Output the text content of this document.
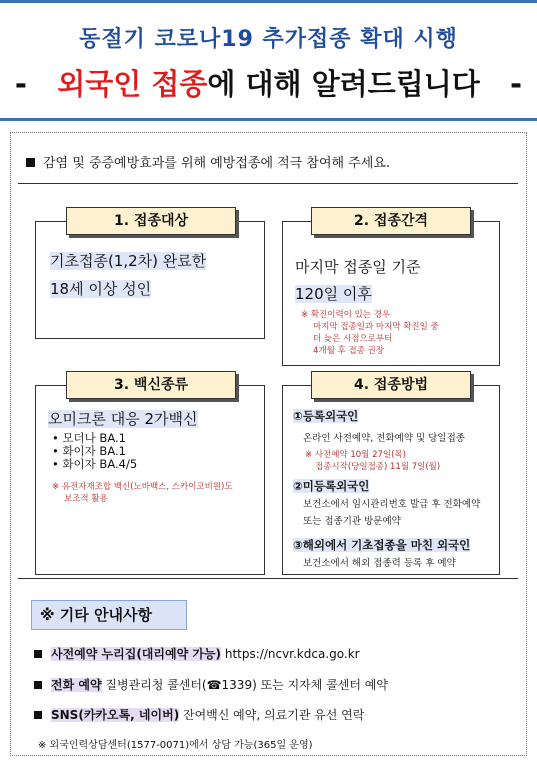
동절기 코로나19 추가접종 확대 시행
- 외국인 접종에 대해 알려드립니다 -
감염 및 중증예방효과를 위해 예방접종에 적극 참여해 주세요.
기초접종(1,2차) 완료한
18세 이상 성인
1. 접종대상
마지막 접종일 기준
120일 이후
※ 확진이력이 있는 경우
마지막 접종일과 마지막 확진일 중
더 늦은 시점으로부터
4개월 후 접종 권장
2. 접종간격
오미크론 대응 2가백신
• 모더나 BA.1
• 화이자 BA.1
• 화이자 BA.4/5
※ 유전자재조합 백신(노바백스, 스카이코비원)도
보조적 활용
3. 백신종류
①등록외국인
온라인 사전예약, 전화예약 및 당일접종
※ 사전예약 10월 27일(목)
접종시작(당일접종) 11월 7일(월)
②미등록외국인
보건소에서 임시관리번호 발급 후 전화예약
또는 접종기관 방문예약
③해외에서 기초접종을 마친 외국인
보건소에서 해외 접종력 등록 후 예약
4. 접종방법
※ 기타 안내사항
사전예약 누리집(대리예약 가능) https://ncvr.kdca.go.kr
전화 예약 질병관리청 콜센터(☎1339) 또는 지자체 콜센터 예약
SNS(카카오톡, 네이버) 잔여백신 예약, 의료기관 유선 연락
※ 외국인력상담센터(1577-0071)에서 상담 가능(365일 운영)
